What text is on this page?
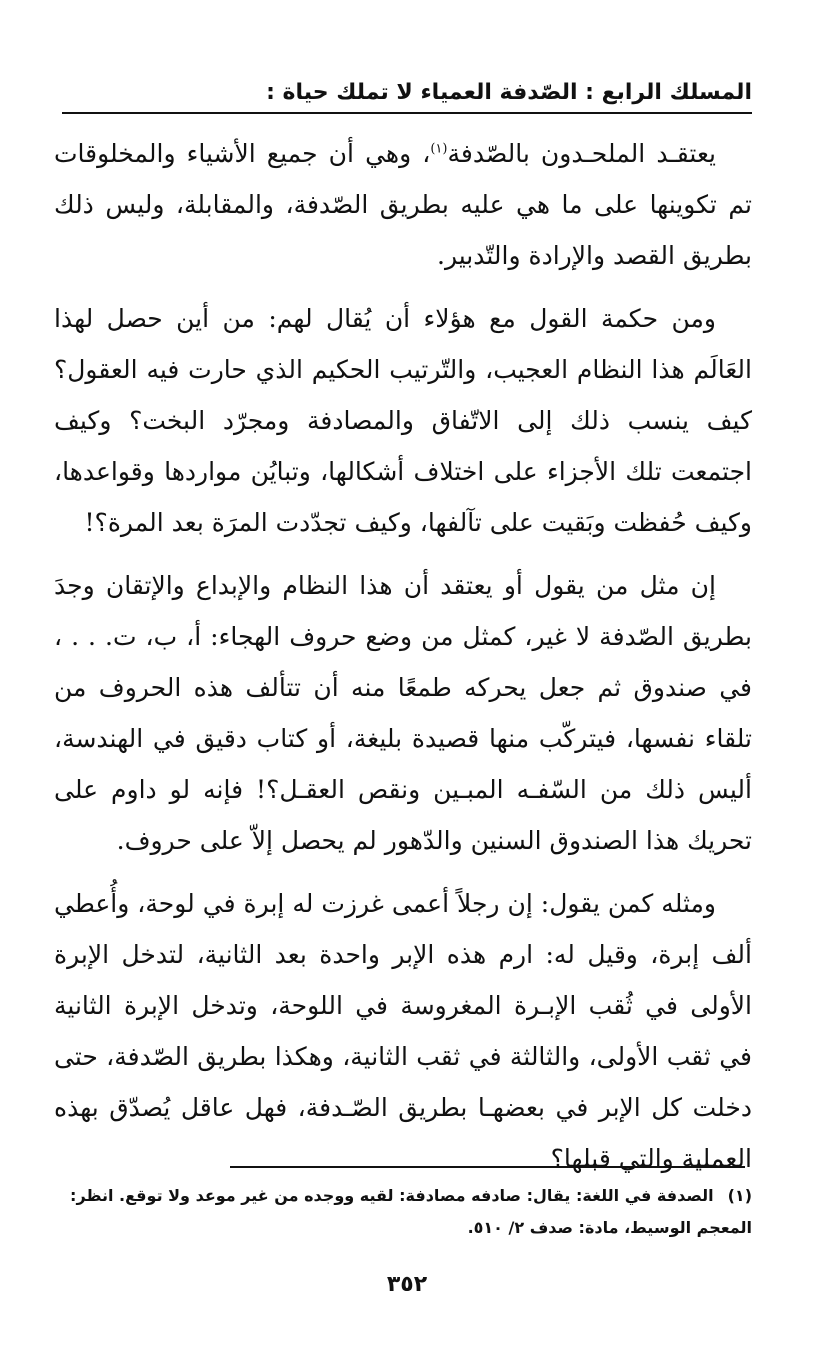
المسلك الرابع : الصّدفة العمياء لا تملك حياة :

يعتقـد الملحـدون بالصّدفة$^{(١)}$، وهي أن جميع الأشياء والمخلوقات تم تكوينها على ما هي عليه بطريق الصّدفة، والمقابلة، وليس ذلك بطريق القصد والإرادة والتّدبير.

ومن حكمة القول مع هؤلاء أن يُقال لهم: من أين حصل لهذا العَالَم هذا النظام العجيب، والتّرتيب الحكيم الذي حارت فيه العقول؟ كيف ينسب ذلك إلى الاتّفاق والمصادفة ومجرّد البخت؟ وكيف اجتمعت تلك الأجزاء على اختلاف أشكالها، وتبايُن مواردها وقواعدها، وكيف حُفظت وبَقيت على تآلفها، وكيف تجدّدت المرَة بعد المرة؟!

إن مثل من يقول أو يعتقد أن هذا النظام والإبداع والإتقان وجدَ بطريق الصّدفة لا غير، كمثل من وضع حروف الهجاء: أ، ب، ت. . . ، في صندوق ثم جعل يحركه طمعًا منه أن تتألف هذه الحروف من تلقاء نفسها، فيتركّب منها قصيدة بليغة، أو كتاب دقيق في الهندسة، أليس ذلك من السّفـه المبـين ونقص العقـل؟! فإنه لو داوم على تحريك هذا الصندوق السنين والدّهور لم يحصل إلاّ على حروف.

ومثله كمن يقول: إن رجلاً أعمى غرزت له إبرة في لوحة، وأُعطي ألف إبرة، وقيل له: ارم هذه الإبر واحدة بعد الثانية، لتدخل الإبرة الأولى في ثُقب الإبـرة المغروسة في اللوحة، وتدخل الإبرة الثانية في ثقب الأولى، والثالثة في ثقب الثانية، وهكذا بطريق الصّدفة، حتى دخلت كل الإبر في بعضهـا بطريق الصّـدفة، فهل عاقل يُصدّق بهذه العملية والتي قبلها؟

(١)الصدفة في اللغة: يقال: صادفه مصادفة: لقيه ووجده من غير موعد ولا توقع. انظر: المعجم الوسيط، مادة: صدف ٢/ ٥١٠.
٣٥٢
